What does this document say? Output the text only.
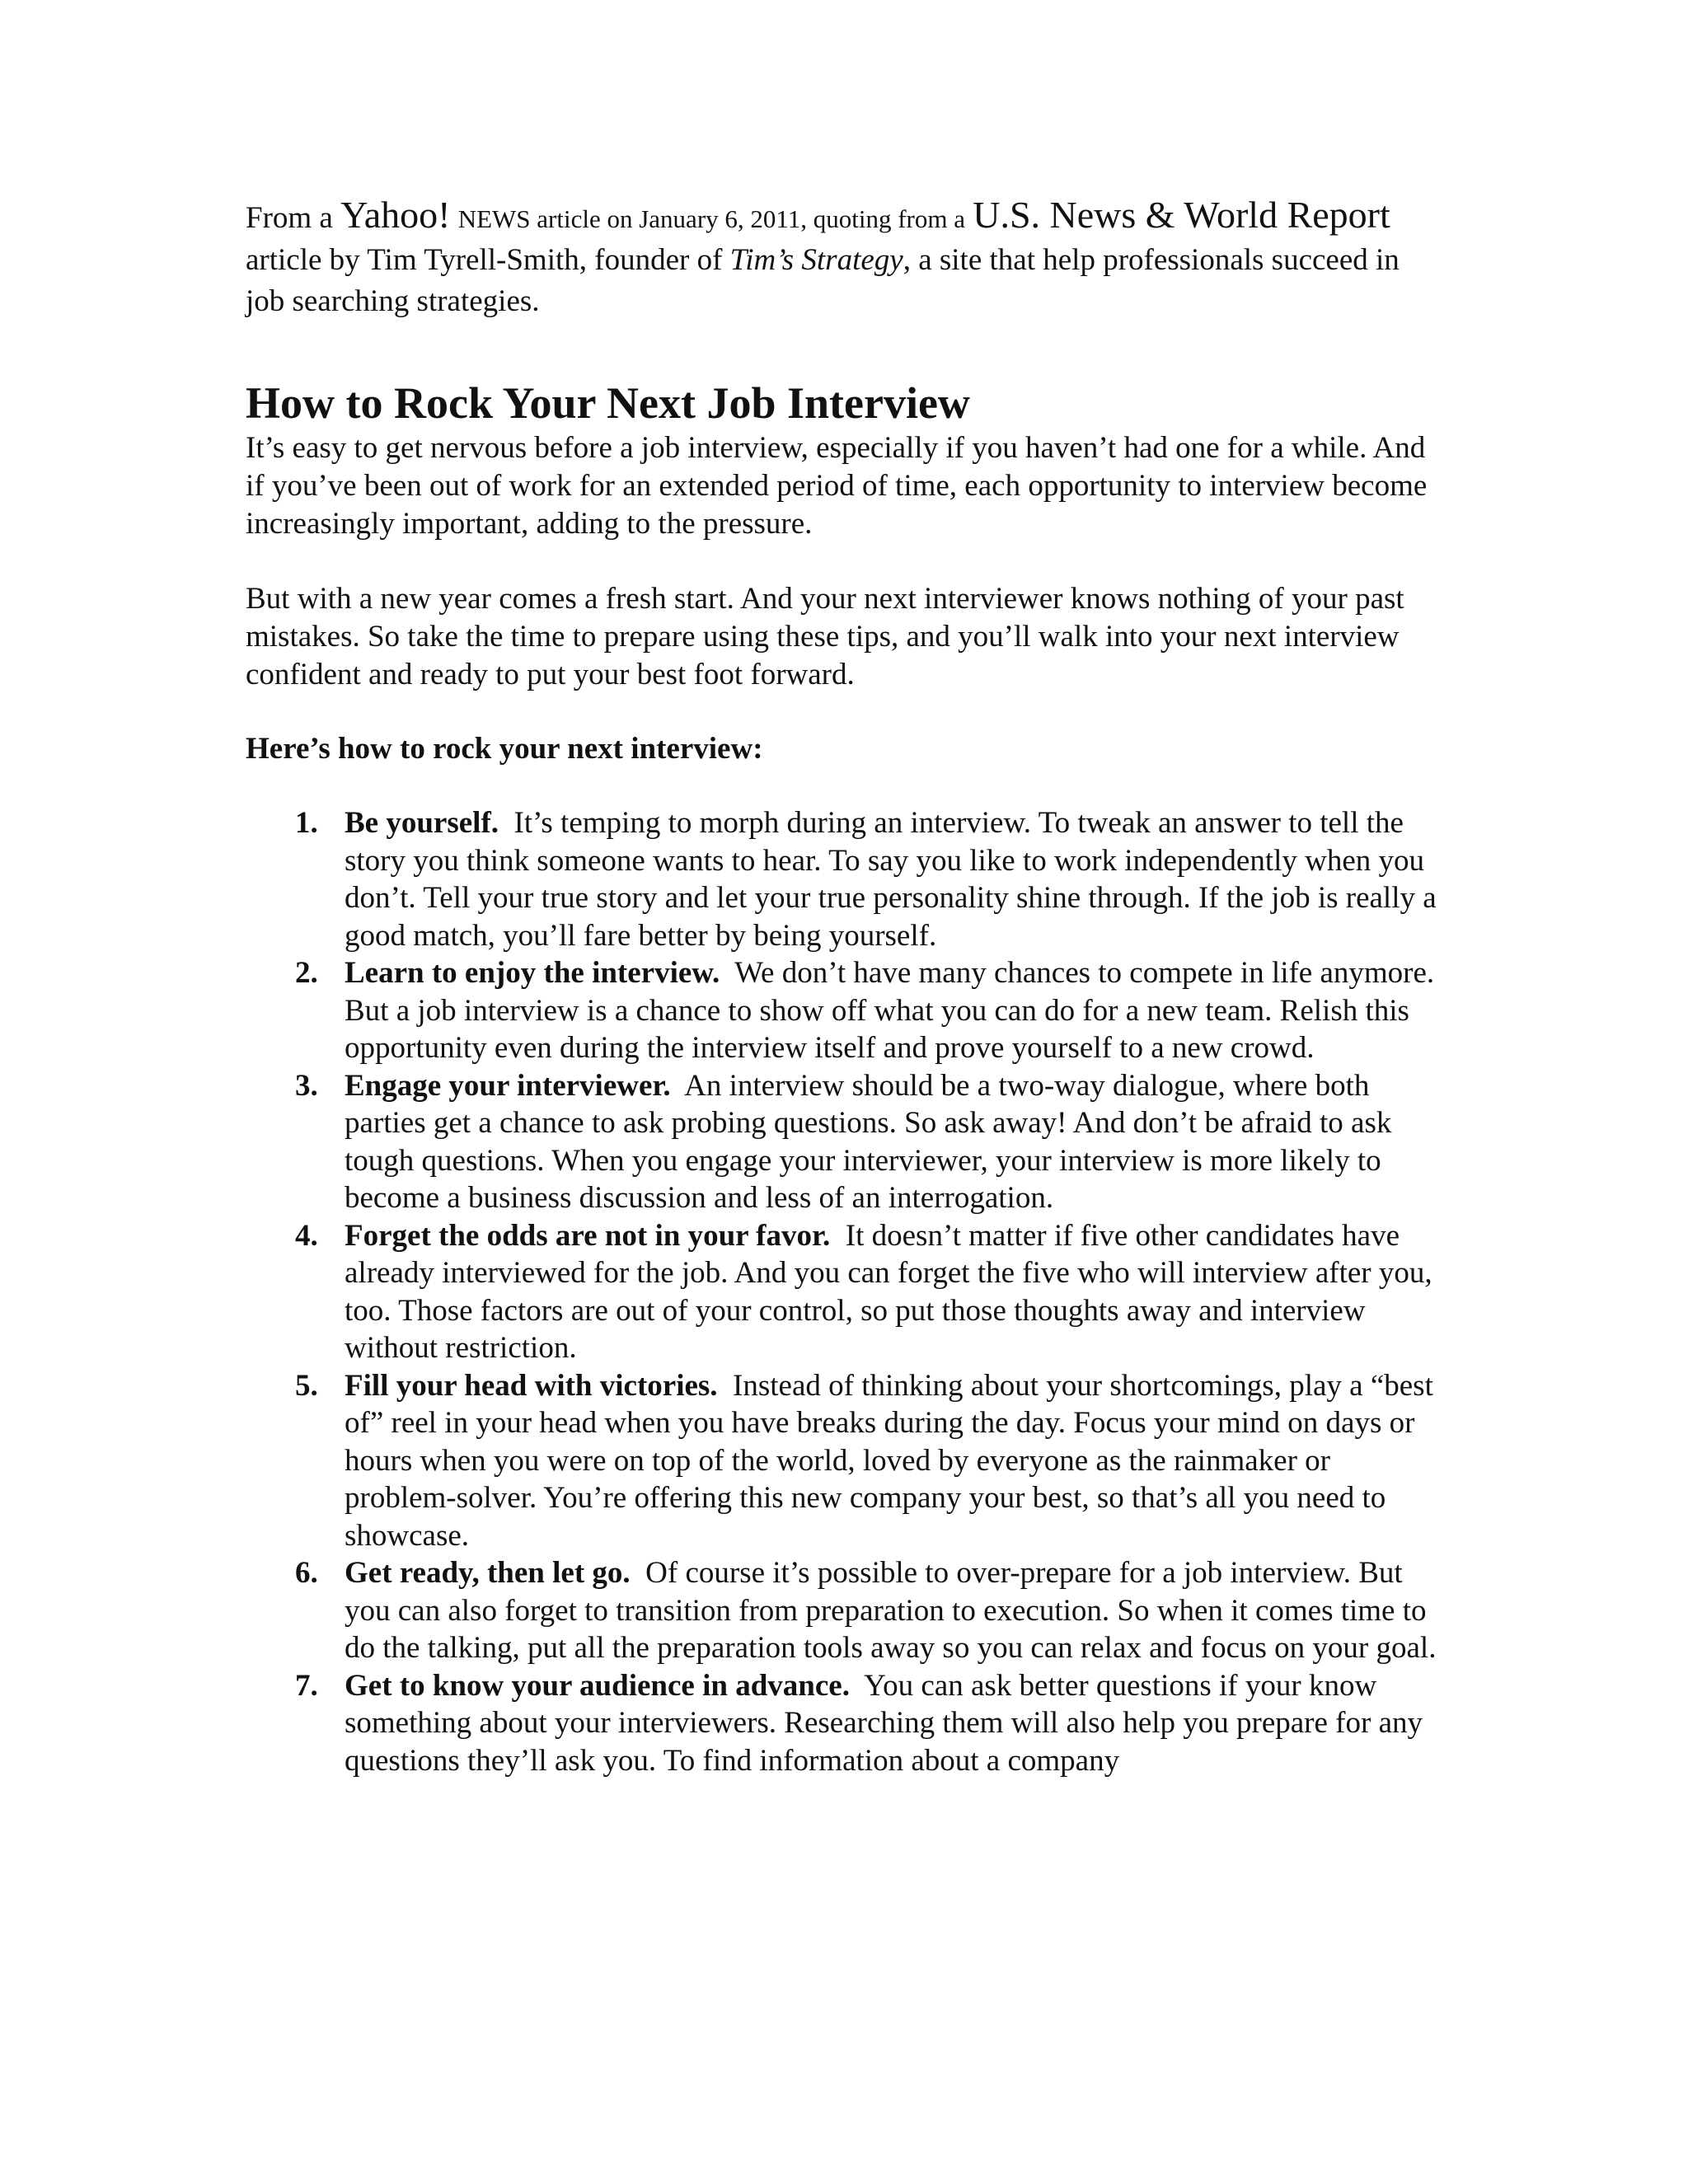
From a Yahoo! NEWS article on January 6, 2011, quoting from a U.S. News & World Report article by Tim Tyrell-Smith, founder of Tim’s Strategy, a site that help professionals succeed in job searching strategies.

How to Rock Your Next Job Interview

It’s easy to get nervous before a job interview, especially if you haven’t had one for a while. And if you’ve been out of work for an extended period of time, each opportunity to interview become increasingly important, adding to the pressure.

But with a new year comes a fresh start. And your next interviewer knows nothing of your past mistakes. So take the time to prepare using these tips, and you’ll walk into your next interview confident and ready to put your best foot forward.

Here’s how to rock your next interview:

1. Be yourself. It’s temping to morph during an interview. To tweak an answer to tell the story you think someone wants to hear. To say you like to work independently when you don’t. Tell your true story and let your true personality shine through. If the job is really a good match, you’ll fare better by being yourself.
2. Learn to enjoy the interview. We don’t have many chances to compete in life anymore. But a job interview is a chance to show off what you can do for a new team. Relish this opportunity even during the interview itself and prove yourself to a new crowd.
3. Engage your interviewer. An interview should be a two-way dialogue, where both parties get a chance to ask probing questions. So ask away! And don’t be afraid to ask tough questions. When you engage your interviewer, your interview is more likely to become a business discussion and less of an interrogation.
4. Forget the odds are not in your favor. It doesn’t matter if five other candidates have already interviewed for the job. And you can forget the five who will interview after you, too. Those factors are out of your control, so put those thoughts away and interview without restriction.
5. Fill your head with victories. Instead of thinking about your shortcomings, play a “best of” reel in your head when you have breaks during the day. Focus your mind on days or hours when you were on top of the world, loved by everyone as the rainmaker or problem-solver. You’re offering this new company your best, so that’s all you need to showcase.
6. Get ready, then let go. Of course it’s possible to over-prepare for a job interview. But you can also forget to transition from preparation to execution. So when it comes time to do the talking, put all the preparation tools away so you can relax and focus on your goal.
7. Get to know your audience in advance. You can ask better questions if your know something about your interviewers. Researching them will also help you prepare for any questions they’ll ask you. To find information about a company
